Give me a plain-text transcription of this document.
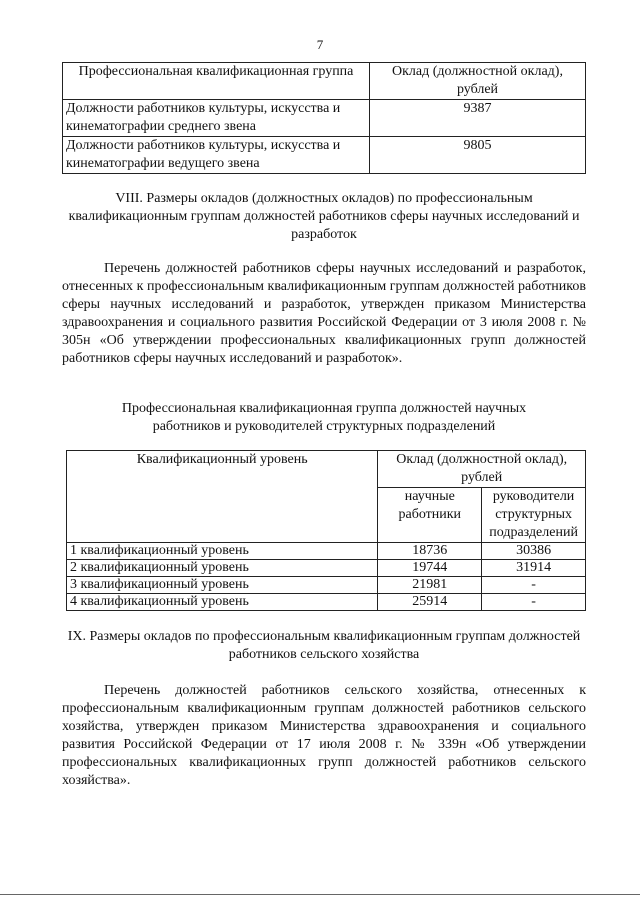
7
Профессиональная квалификационная группа	Оклад (должностной оклад), рублей
Должности работников культуры, искусства и кинематографии среднего звена	9387
Должности работников культуры, искусства и кинематографии ведущего звена	9805
VIII. Размеры окладов (должностных окладов) по профессиональным квалификационным группам должностей работников сферы научных исследований и разработок
Перечень должностей работников сферы научных исследований и разработок, отнесенных к профессиональным квалификационным группам должностей работников сферы научных исследований и разработок, утвержден приказом Министерства здравоохранения и социального развития Российской Федерации от 3 июля 2008 г. № 305н «Об утверждении профессиональных квалификационных групп должностей работников сферы научных исследований и разработок».
Профессиональная квалификационная группа должностей научных работников и руководителей структурных подразделений
Квалификационный уровень	Оклад (должностной оклад), рублей	
	научные работники	руководители структурных подразделений
1 квалификационный уровень	18736	30386
2 квалификационный уровень	19744	31914
3 квалификационный уровень	21981	-
4 квалификационный уровень	25914	-
IX. Размеры окладов по профессиональным квалификационным группам должностей работников сельского хозяйства
Перечень должностей работников сельского хозяйства, отнесенных к профессиональным квалификационным группам должностей работников сельского хозяйства, утвержден приказом Министерства здравоохранения и социального развития Российской Федерации от 17 июля 2008 г. № 339н «Об утверждении профессиональных квалификационных групп должностей работников сельского хозяйства».
